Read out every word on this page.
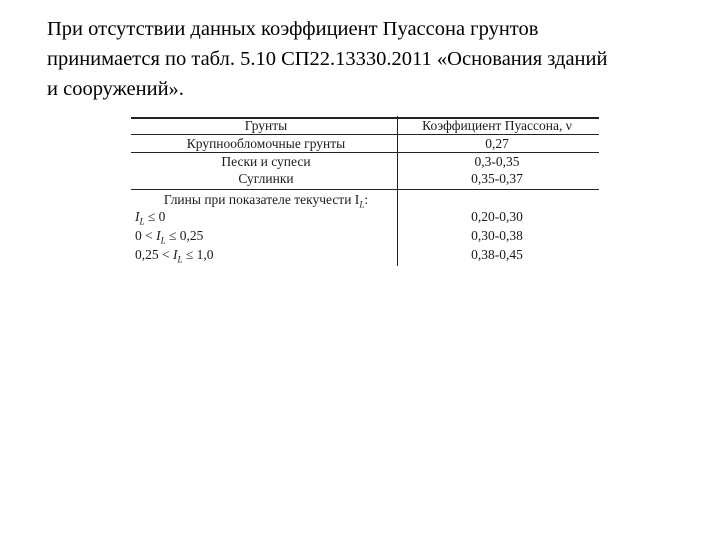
При отсутствии данных коэффициент Пуассона грунтов
принимается по табл. 5.10 СП22.13330.2011 «Основания зданий
и сооружений».
Грунты	Коэффициент Пуассона, ν
Крупнообломочные грунты	0,27
Пески и супеси	0,3-0,35
Суглинки	0,35-0,37
Глины при показателе текучести $I_L$:
$I_L \le 0$	0,20-0,30
$0 < I_L \le 0,25$	0,30-0,38
$0,25 < I_L \le 1,0$	0,38-0,45
